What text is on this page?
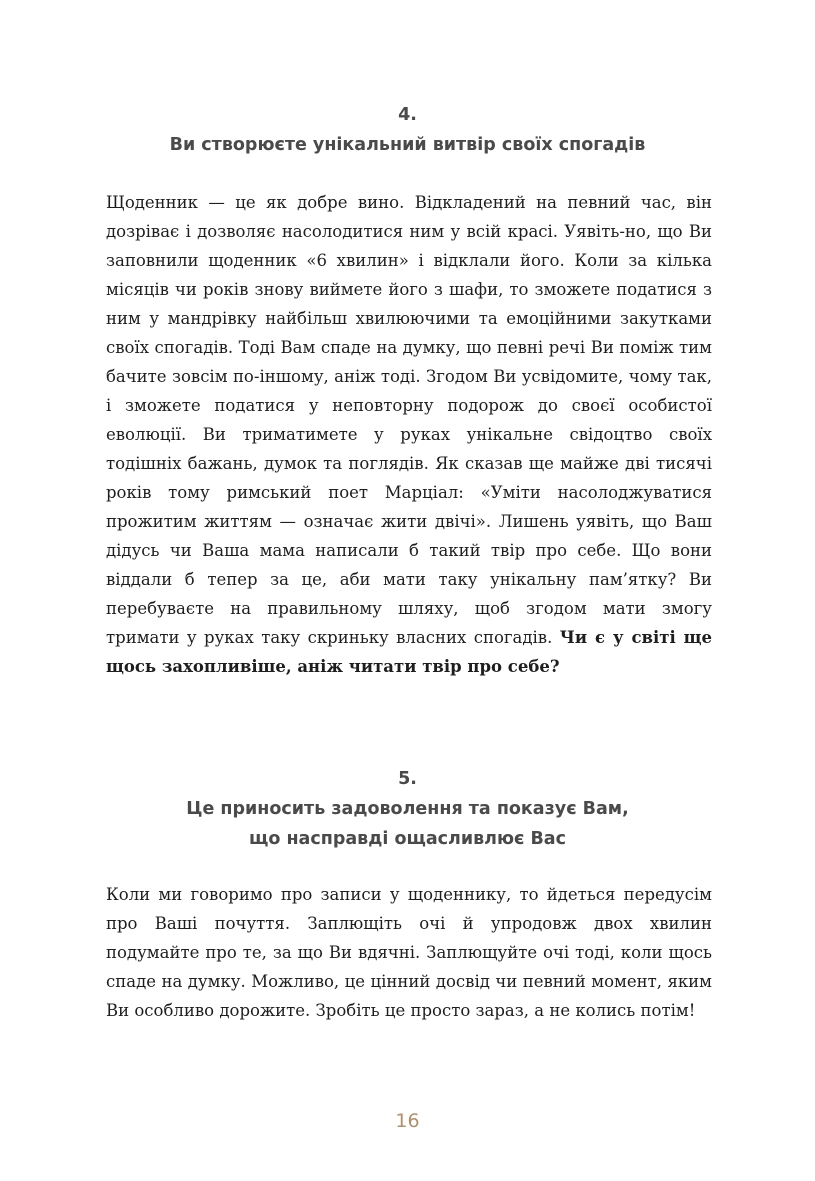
4.
Ви створюєте унікальний витвір своїх спогадів

Щоденник — це як добре вино. Відкладений на певний час, він дозріває і дозволяє насолодитися ним у всій красі. Уявіть-но, що Ви заповнили щоденник «6 хвилин» і відклали його. Коли за кілька місяців чи років знову виймете його з шафи, то зможете податися з ним у мандрівку найбільш хвилюючими та емоційними закутками своїх спогадів. Тоді Вам спаде на думку, що певні речі Ви поміж тим бачите зовсім по-іншому, аніж тоді. Згодом Ви усвідомите, чому так, і зможете податися у неповторну подорож до своєї особистої еволюції. Ви триматимете у руках унікальне свідоцтво своїх тодішніх бажань, думок та поглядів. Як сказав ще майже дві тисячі років тому римський поет Марціал: «Уміти насолоджуватися прожитим життям — означає жити двічі». Лишень уявіть, що Ваш дідусь чи Ваша мама написали б такий твір про себе. Що вони віддали б тепер за це, аби мати таку унікальну пам’ятку? Ви перебуваєте на правильному шляху, щоб згодом мати змогу тримати у руках таку скриньку власних спогадів. Чи є у світі ще щось захопливіше, аніж читати твір про себе?

5.
Це приносить задоволення та показує Вам,
що насправді ощасливлює Вас

Коли ми говоримо про записи у щоденнику, то йдеться передусім про Ваші почуття. Заплющіть очі й упродовж двох хвилин подумайте про те, за що Ви вдячні. Заплющуйте очі тоді, коли щось спаде на думку. Можливо, це цінний досвід чи певний момент, яким Ви особливо дорожите. Зробіть це просто зараз, а не колись потім!

16
